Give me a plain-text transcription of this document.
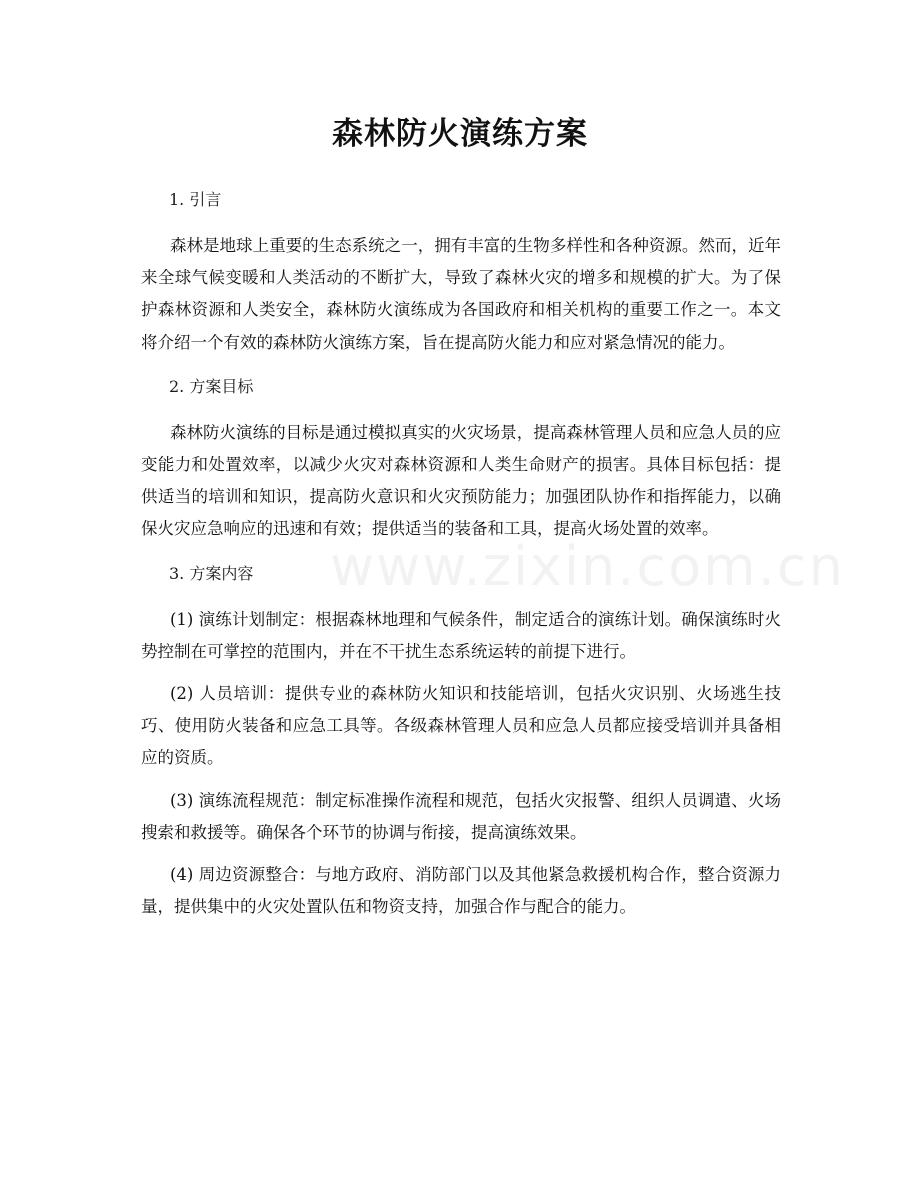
www.zixin.com.cn
森林防火演练方案

1. 引言

森林是地球上重要的生态系统之一，拥有丰富的生物多样性和各种资源。然而，近年来全球气候变暖和人类活动的不断扩大，导致了森林火灾的增多和规模的扩大。为了保护森林资源和人类安全，森林防火演练成为各国政府和相关机构的重要工作之一。本文将介绍一个有效的森林防火演练方案，旨在提高防火能力和应对紧急情况的能力。

2. 方案目标

森林防火演练的目标是通过模拟真实的火灾场景，提高森林管理人员和应急人员的应变能力和处置效率，以减少火灾对森林资源和人类生命财产的损害。具体目标包括：提供适当的培训和知识，提高防火意识和火灾预防能力；加强团队协作和指挥能力，以确保火灾应急响应的迅速和有效；提供适当的装备和工具，提高火场处置的效率。

3. 方案内容

(1) 演练计划制定：根据森林地理和气候条件，制定适合的演练计划。确保演练时火势控制在可掌控的范围内，并在不干扰生态系统运转的前提下进行。

(2) 人员培训：提供专业的森林防火知识和技能培训，包括火灾识别、火场逃生技巧、使用防火装备和应急工具等。各级森林管理人员和应急人员都应接受培训并具备相应的资质。

(3) 演练流程规范：制定标准操作流程和规范，包括火灾报警、组织人员调遣、火场搜索和救援等。确保各个环节的协调与衔接，提高演练效果。

(4) 周边资源整合：与地方政府、消防部门以及其他紧急救援机构合作，整合资源力量，提供集中的火灾处置队伍和物资支持，加强合作与配合的能力。
